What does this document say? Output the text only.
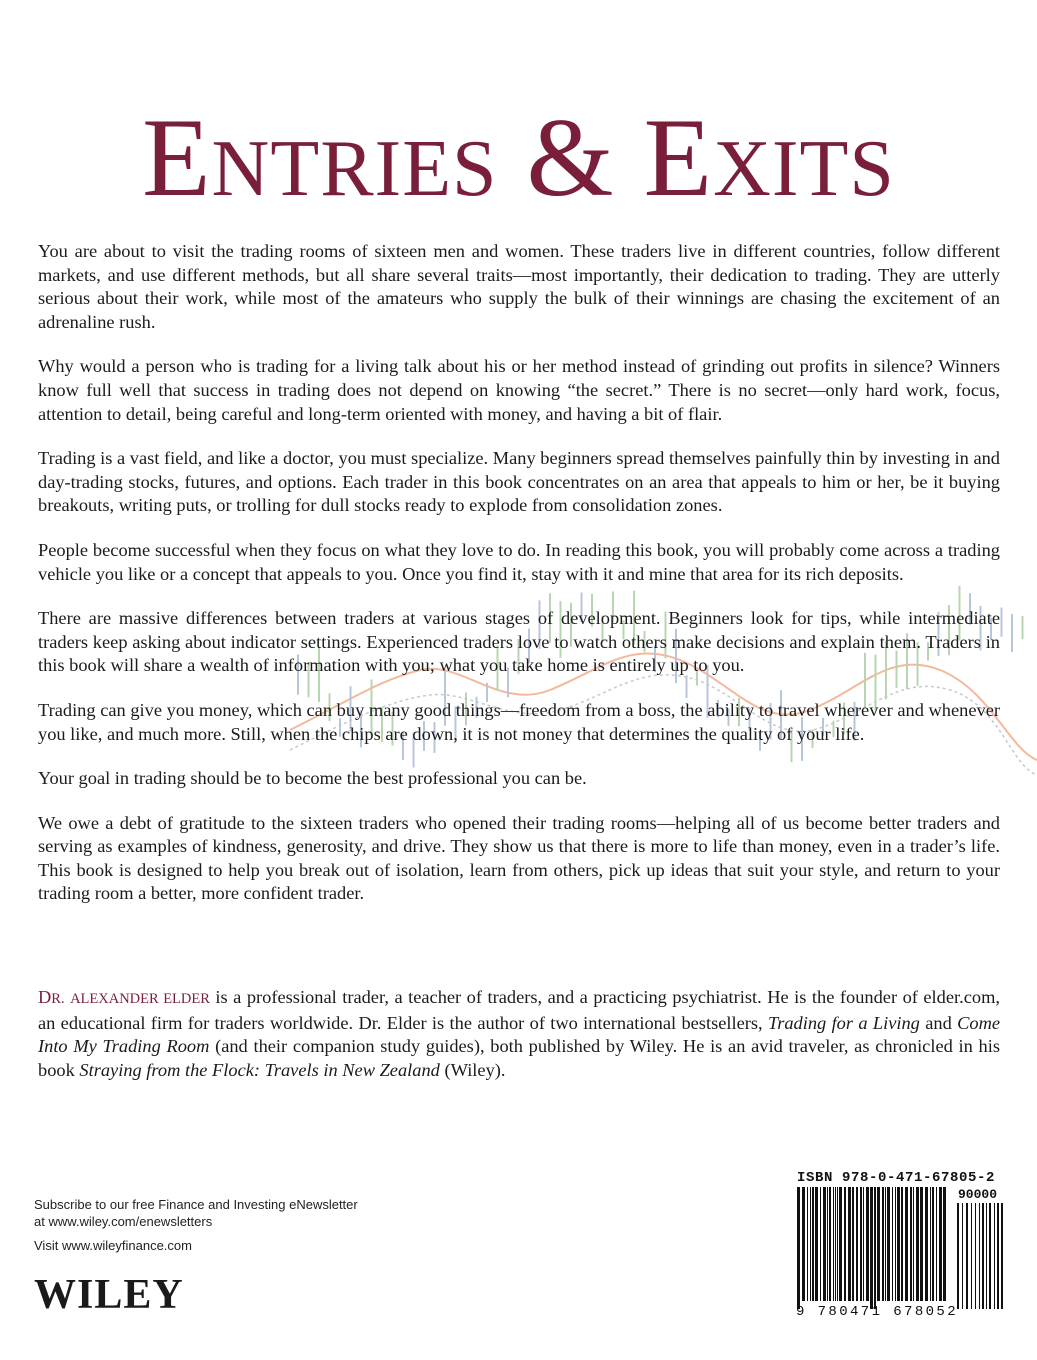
ENTRIES & EXITS

You are about to visit the trading rooms of sixteen men and women. These traders live in different countries, follow different markets, and use different methods, but all share several traits—most importantly, their dedication to trading. They are utterly serious about their work, while most of the amateurs who supply the bulk of their winnings are chasing the excitement of an adrenaline rush.

Why would a person who is trading for a living talk about his or her method instead of grinding out profits in silence? Winners know full well that success in trading does not depend on knowing “the secret.” There is no secret—only hard work, focus, attention to detail, being careful and long-term oriented with money, and having a bit of flair.

Trading is a vast field, and like a doctor, you must specialize. Many beginners spread themselves painfully thin by investing in and day-trading stocks, futures, and options. Each trader in this book concentrates on an area that appeals to him or her, be it buying breakouts, writing puts, or trolling for dull stocks ready to explode from consolidation zones.

People become successful when they focus on what they love to do. In reading this book, you will probably come across a trading vehicle you like or a concept that appeals to you. Once you find it, stay with it and mine that area for its rich deposits.

There are massive differences between traders at various stages of development. Beginners look for tips, while intermediate traders keep asking about indicator settings. Experienced traders love to watch others make decisions and explain them. Traders in this book will share a wealth of information with you; what you take home is entirely up to you.

Trading can give you money, which can buy many good things—freedom from a boss, the ability to travel wherever and whenever you like, and much more. Still, when the chips are down, it is not money that determines the quality of your life.

Your goal in trading should be to become the best professional you can be.

We owe a debt of gratitude to the sixteen traders who opened their trading rooms—helping all of us become better traders and serving as examples of kindness, generosity, and drive. They show us that there is more to life than money, even in a trader’s life. This book is designed to help you break out of isolation, learn from others, pick up ideas that suit your style, and return to your trading room a better, more confident trader.

DR. ALEXANDER ELDER is a professional trader, a teacher of traders, and a practicing psychiatrist. He is the founder of elder.com, an educational firm for traders worldwide. Dr. Elder is the author of two international bestsellers, Trading for a Living and Come Into My Trading Room (and their companion study guides), both published by Wiley. He is an avid traveler, as chronicled in his book Straying from the Flock: Travels in New Zealand (Wiley).
Subscribe to our free Finance and Investing eNewsletter
at www.wiley.com/enewsletters
Visit www.wileyfinance.com
WILEY
ISBN 978-0-471-67805-2
90000
9 780471 678052
